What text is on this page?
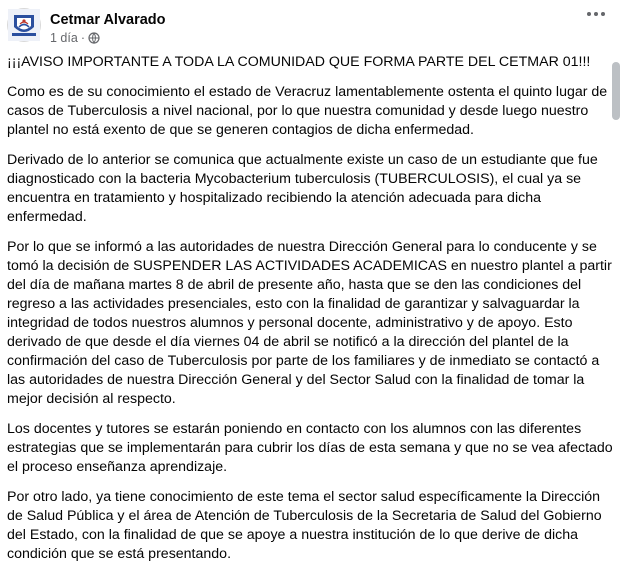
Cetmar Alvarado
1 día ·

¡¡¡AVISO IMPORTANTE A TODA LA COMUNIDAD QUE FORMA PARTE DEL CETMAR 01!!!

Como es de su conocimiento el estado de Veracruz lamentablemente ostenta el quinto lugar de casos de Tuberculosis a nivel nacional, por lo que nuestra comunidad y desde luego nuestro plantel no está exento de que se generen contagios de dicha enfermedad.

Derivado de lo anterior se comunica que actualmente existe un caso de un estudiante que fue diagnosticado con la bacteria Mycobacterium tuberculosis (TUBERCULOSIS), el cual ya se encuentra en tratamiento y hospitalizado recibiendo la atención adecuada para dicha enfermedad.

Por lo que se informó a las autoridades de nuestra Dirección General para lo conducente y se tomó la decisión de SUSPENDER LAS ACTIVIDADES ACADEMICAS en nuestro plantel a partir del día de mañana martes 8 de abril de presente año, hasta que se den las condiciones del regreso a las actividades presenciales, esto con la finalidad de garantizar y salvaguardar la integridad de todos nuestros alumnos y personal docente, administrativo y de apoyo. Esto derivado de que desde el día viernes 04 de abril se notificó a la dirección del plantel de la confirmación del caso de Tuberculosis por parte de los familiares y de inmediato se contactó a las autoridades de nuestra Dirección General y del Sector Salud con la finalidad de tomar la mejor decisión al respecto.

Los docentes y tutores se estarán poniendo en contacto con los alumnos con las diferentes estrategias que se implementarán para cubrir los días de esta semana y que no se vea afectado el proceso enseñanza aprendizaje.

Por otro lado, ya tiene conocimiento de este tema el sector salud específicamente la Dirección de Salud Pública y el área de Atención de Tuberculosis de la Secretaria de Salud del Gobierno del Estado, con la finalidad de que se apoye a nuestra institución de lo que derive de dicha condición que se está presentando.
